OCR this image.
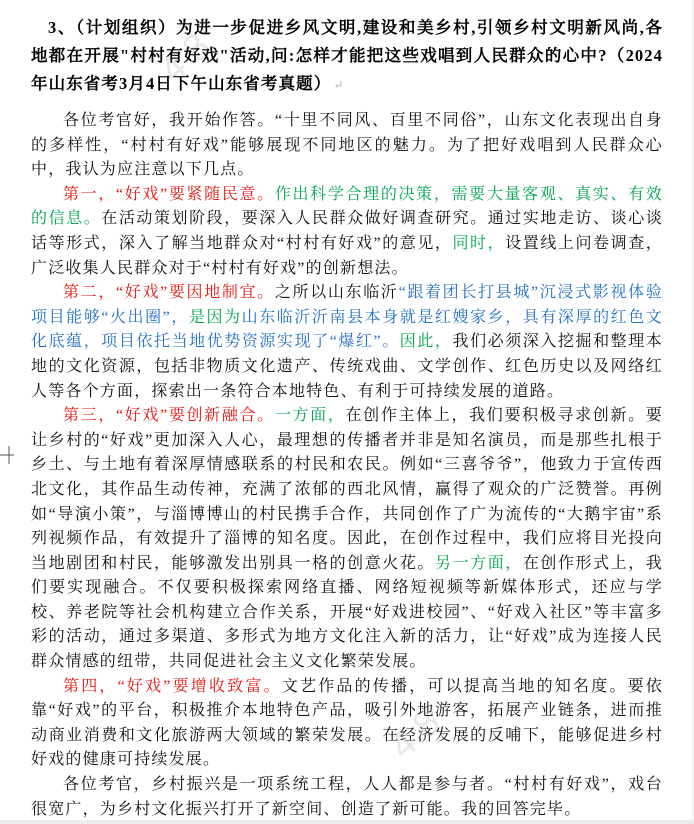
48
48

3、（计划组织）为进一步促进乡风文明,建设和美乡村,引领乡村文明新风尚,各地都在开展"村村有好戏"活动,问:怎样才能把这些戏唱到人民群众的心中?（2024年山东省考3月4日下午山东省考真题） ↵

各位考官好，我开始作答。“十里不同风、百里不同俗”，山东文化表现出自身的多样性，“村村有好戏”能够展现不同地区的魅力。为了把好戏唱到人民群众心中，我认为应注意以下几点。

第一，“好戏”要紧随民意。作出科学合理的决策，需要大量客观、真实、有效的信息。在活动策划阶段，要深入人民群众做好调查研究。通过实地走访、谈心谈话等形式，深入了解当地群众对“村村有好戏”的意见，同时，设置线上问卷调查，广泛收集人民群众对于“村村有好戏”的创新想法。

第二，“好戏”要因地制宜。之所以山东临沂“跟着团长打县城”沉浸式影视体验项目能够“火出圈”，是因为山东临沂沂南县本身就是红嫂家乡，具有深厚的红色文化底蕴，项目依托当地优势资源实现了“爆红”。因此，我们必须深入挖掘和整理本地的文化资源，包括非物质文化遗产、传统戏曲、文学创作、红色历史以及网络红人等各个方面，探索出一条符合本地特色、有利于可持续发展的道路。

第三，“好戏”要创新融合。一方面，在创作主体上，我们要积极寻求创新。要让乡村的“好戏”更加深入人心，最理想的传播者并非是知名演员，而是那些扎根于乡土、与土地有着深厚情感联系的村民和农民。例如“三喜爷爷”，他致力于宣传西北文化，其作品生动传神，充满了浓郁的西北风情，赢得了观众的广泛赞誉。再例如“导演小策”，与淄博博山的村民携手合作，共同创作了广为流传的“大鹅宇宙”系列视频作品，有效提升了淄博的知名度。因此，在创作过程中，我们应将目光投向当地剧团和村民，能够激发出别具一格的创意火花。另一方面，在创作形式上，我们要实现融合。不仅要积极探索网络直播、网络短视频等新媒体形式，还应与学校、养老院等社会机构建立合作关系，开展“好戏进校园”、“好戏入社区”等丰富多彩的活动，通过多渠道、多形式为地方文化注入新的活力，让“好戏”成为连接人民群众情感的纽带，共同促进社会主义文化繁荣发展。

第四，“好戏”要增收致富。文艺作品的传播，可以提高当地的知名度。要依靠“好戏”的平台，积极推介本地特色产品，吸引外地游客，拓展产业链条，进而推动商业消费和文化旅游两大领域的繁荣发展。在经济发展的反哺下，能够促进乡村好戏的健康可持续发展。

各位考官，乡村振兴是一项系统工程，人人都是参与者。“村村有好戏”，戏台很宽广，为乡村文化振兴打开了新空间、创造了新可能。我的回答完毕。
